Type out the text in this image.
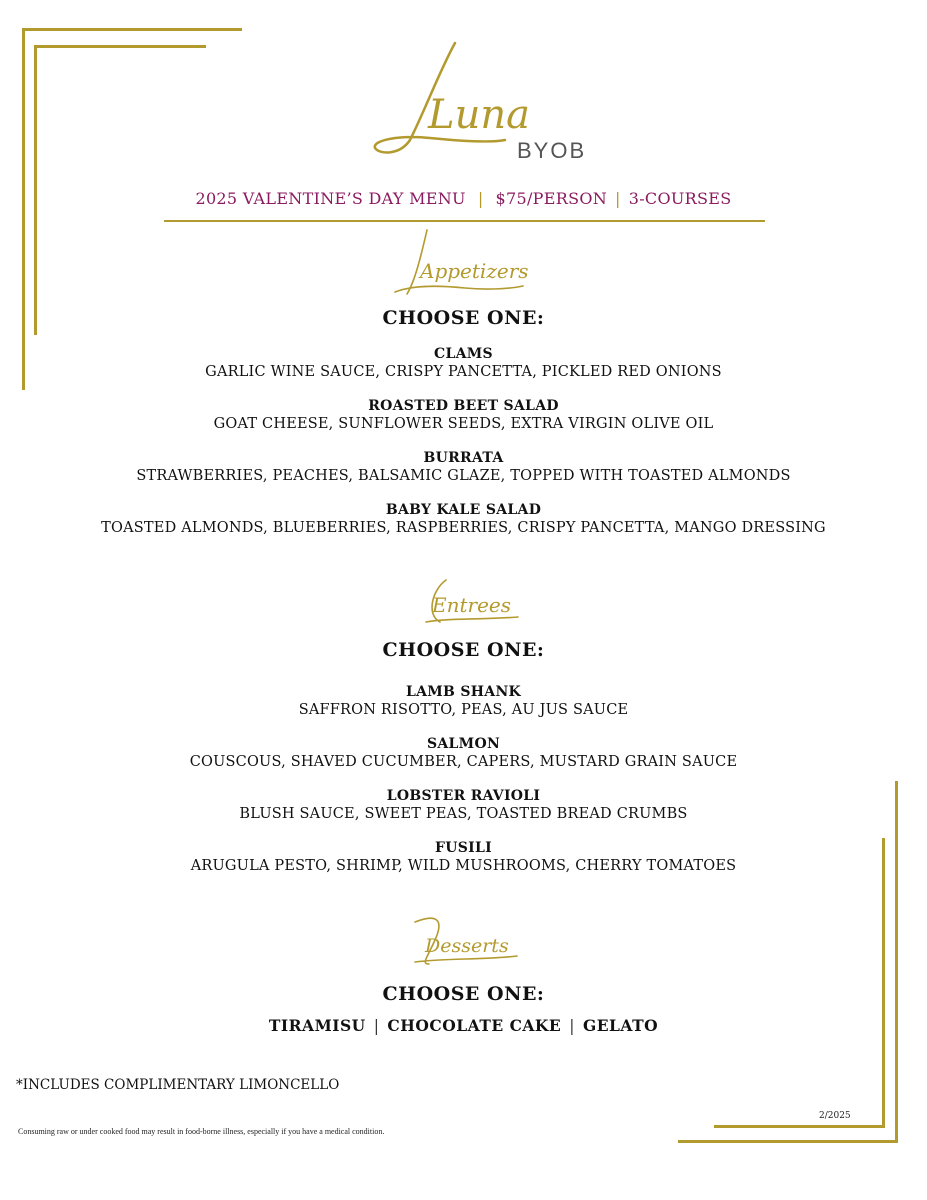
Luna
BYOB
2025 VALENTINE’S DAY MENU | $75/PERSON | 3-COURSES
Appetizers
CHOOSE ONE:
CLAMS
GARLIC WINE SAUCE, CRISPY PANCETTA, PICKLED RED ONIONS
ROASTED BEET SALAD
GOAT CHEESE, SUNFLOWER SEEDS, EXTRA VIRGIN OLIVE OIL
BURRATA
STRAWBERRIES, PEACHES, BALSAMIC GLAZE, TOPPED WITH TOASTED ALMONDS
BABY KALE SALAD
TOASTED ALMONDS, BLUEBERRIES, RASPBERRIES, CRISPY PANCETTA, MANGO DRESSING
Entrees
CHOOSE ONE:
LAMB SHANK
SAFFRON RISOTTO, PEAS, AU JUS SAUCE
SALMON
COUSCOUS, SHAVED CUCUMBER, CAPERS, MUSTARD GRAIN SAUCE
LOBSTER RAVIOLI
BLUSH SAUCE, SWEET PEAS, TOASTED BREAD CRUMBS
FUSILI
ARUGULA PESTO, SHRIMP, WILD MUSHROOMS, CHERRY TOMATOES
Desserts
CHOOSE ONE:
TIRAMISU | CHOCOLATE CAKE | GELATO
*INCLUDES COMPLIMENTARY LIMONCELLO
2/2025
Consuming raw or under cooked food may result in food-borne illness, especially if you have a medical condition.
